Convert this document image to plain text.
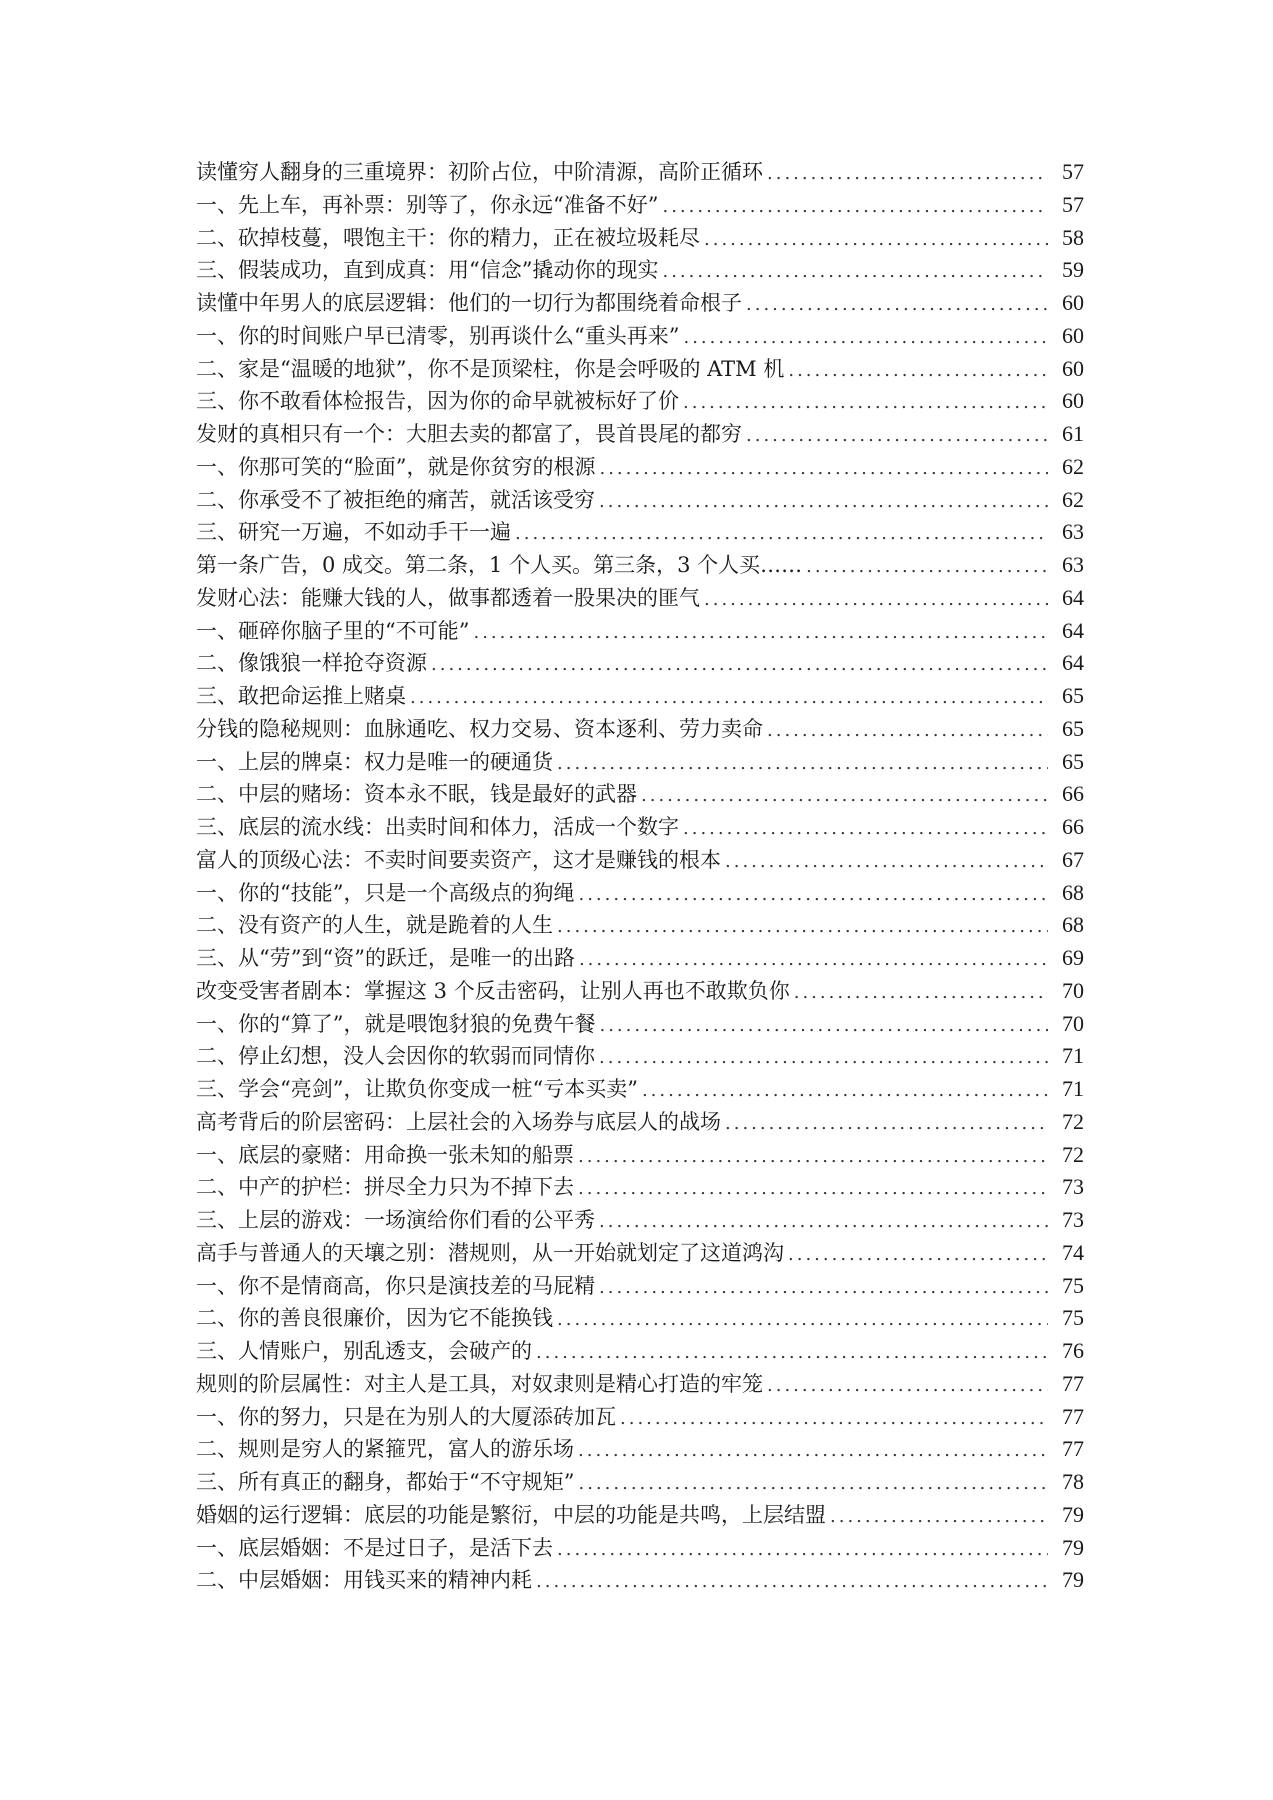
读懂穷人翻身的三重境界：初阶占位，中阶清源，高阶正循环 .....	57
一、先上车，再补票：别等了，你永远“准备不好” .....	57
二、砍掉枝蔓，喂饱主干：你的精力，正在被垃圾耗尽 .....	58
三、假装成功，直到成真：用“信念”撬动你的现实 .....	59
读懂中年男人的底层逻辑：他们的一切行为都围绕着命根子 .....	60
一、你的时间账户早已清零，别再谈什么“重头再来” .....	60
二、家是“温暖的地狱”，你不是顶梁柱，你是会呼吸的 ATM 机 .....	60
三、你不敢看体检报告，因为你的命早就被标好了价 .....	60
发财的真相只有一个：大胆去卖的都富了，畏首畏尾的都穷 .....	61
一、你那可笑的“脸面”，就是你贫穷的根源 .....	62
二、你承受不了被拒绝的痛苦，就活该受穷 .....	62
三、研究一万遍，不如动手干一遍 .....	63
第一条广告，0 成交。第二条，1 个人买。第三条，3 个人买…… .....	63
发财心法：能赚大钱的人，做事都透着一股果决的匪气 .....	64
一、砸碎你脑子里的“不可能” .....	64
二、像饿狼一样抢夺资源 .....	64
三、敢把命运推上赌桌 .....	65
分钱的隐秘规则：血脉通吃、权力交易、资本逐利、劳力卖命 .....	65
一、上层的牌桌：权力是唯一的硬通货 .....	65
二、中层的赌场：资本永不眠，钱是最好的武器 .....	66
三、底层的流水线：出卖时间和体力，活成一个数字 .....	66
富人的顶级心法：不卖时间要卖资产，这才是赚钱的根本 .....	67
一、你的“技能”，只是一个高级点的狗绳 .....	68
二、没有资产的人生，就是跪着的人生 .....	68
三、从“劳”到“资”的跃迁，是唯一的出路 .....	69
改变受害者剧本：掌握这 3 个反击密码，让别人再也不敢欺负你 .....	70
一、你的“算了”，就是喂饱豺狼的免费午餐 .....	70
二、停止幻想，没人会因你的软弱而同情你 .....	71
三、学会“亮剑”，让欺负你变成一桩“亏本买卖” .....	71
高考背后的阶层密码：上层社会的入场券与底层人的战场 .....	72
一、底层的豪赌：用命换一张未知的船票 .....	72
二、中产的护栏：拼尽全力只为不掉下去 .....	73
三、上层的游戏：一场演给你们看的公平秀 .....	73
高手与普通人的天壤之别：潜规则，从一开始就划定了这道鸿沟 .....	74
一、你不是情商高，你只是演技差的马屁精 .....	75
二、你的善良很廉价，因为它不能换钱 .....	75
三、人情账户，别乱透支，会破产的 .....	76
规则的阶层属性：对主人是工具，对奴隶则是精心打造的牢笼 .....	77
一、你的努力，只是在为别人的大厦添砖加瓦 .....	77
二、规则是穷人的紧箍咒，富人的游乐场 .....	77
三、所有真正的翻身，都始于“不守规矩” .....	78
婚姻的运行逻辑：底层的功能是繁衍，中层的功能是共鸣，上层结盟 .....	79
一、底层婚姻：不是过日子，是活下去 .....	79
二、中层婚姻：用钱买来的精神内耗 .....	79
